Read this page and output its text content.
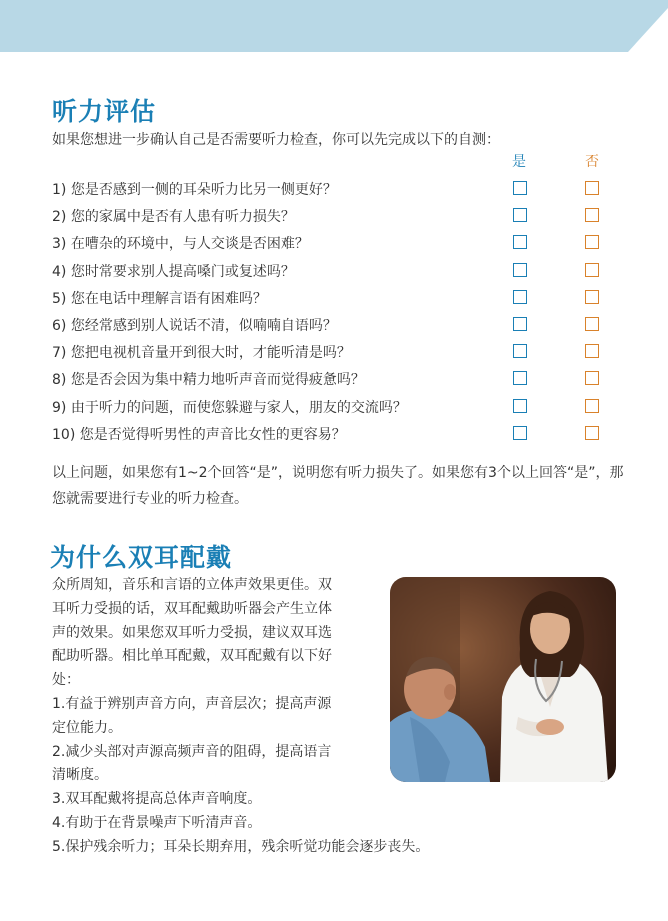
听力评估
如果您想进一步确认自己是否需要听力检查，你可以先完成以下的自测：
是	否
1) 您是否感到一侧的耳朵听力比另一侧更好？
2) 您的家属中是否有人患有听力损失？
3) 在嘈杂的环境中，与人交谈是否困难？
4) 您时常要求别人提高嗓门或复述吗？
5) 您在电话中理解言语有困难吗？
6) 您经常感到别人说话不清，似喃喃自语吗？
7) 您把电视机音量开到很大时，才能听清是吗？
8) 您是否会因为集中精力地听声音而觉得疲惫吗？
9) 由于听力的问题，而使您躲避与家人，朋友的交流吗？
10) 您是否觉得听男性的声音比女性的更容易？

以上问题，如果您有1~2个回答“是”，说明您有听力损失了。如果您有3个以上回答“是”，那您就需要进行专业的听力检查。

为什么双耳配戴
众所周知，音乐和言语的立体声效果更佳。双
耳听力受损的话，双耳配戴助听器会产生立体
声的效果。如果您双耳听力受损，建议双耳选
配助听器。相比单耳配戴，双耳配戴有以下好
处：
1.有益于辨别声音方向，声音层次；提高声源
定位能力。
2.减少头部对声源高频声音的阻碍，提高语言
清晰度。
3.双耳配戴将提高总体声音响度。
4.有助于在背景噪声下听清声音。
5.保护残余听力；耳朵长期弃用，残余听觉功能会逐步丧失。
